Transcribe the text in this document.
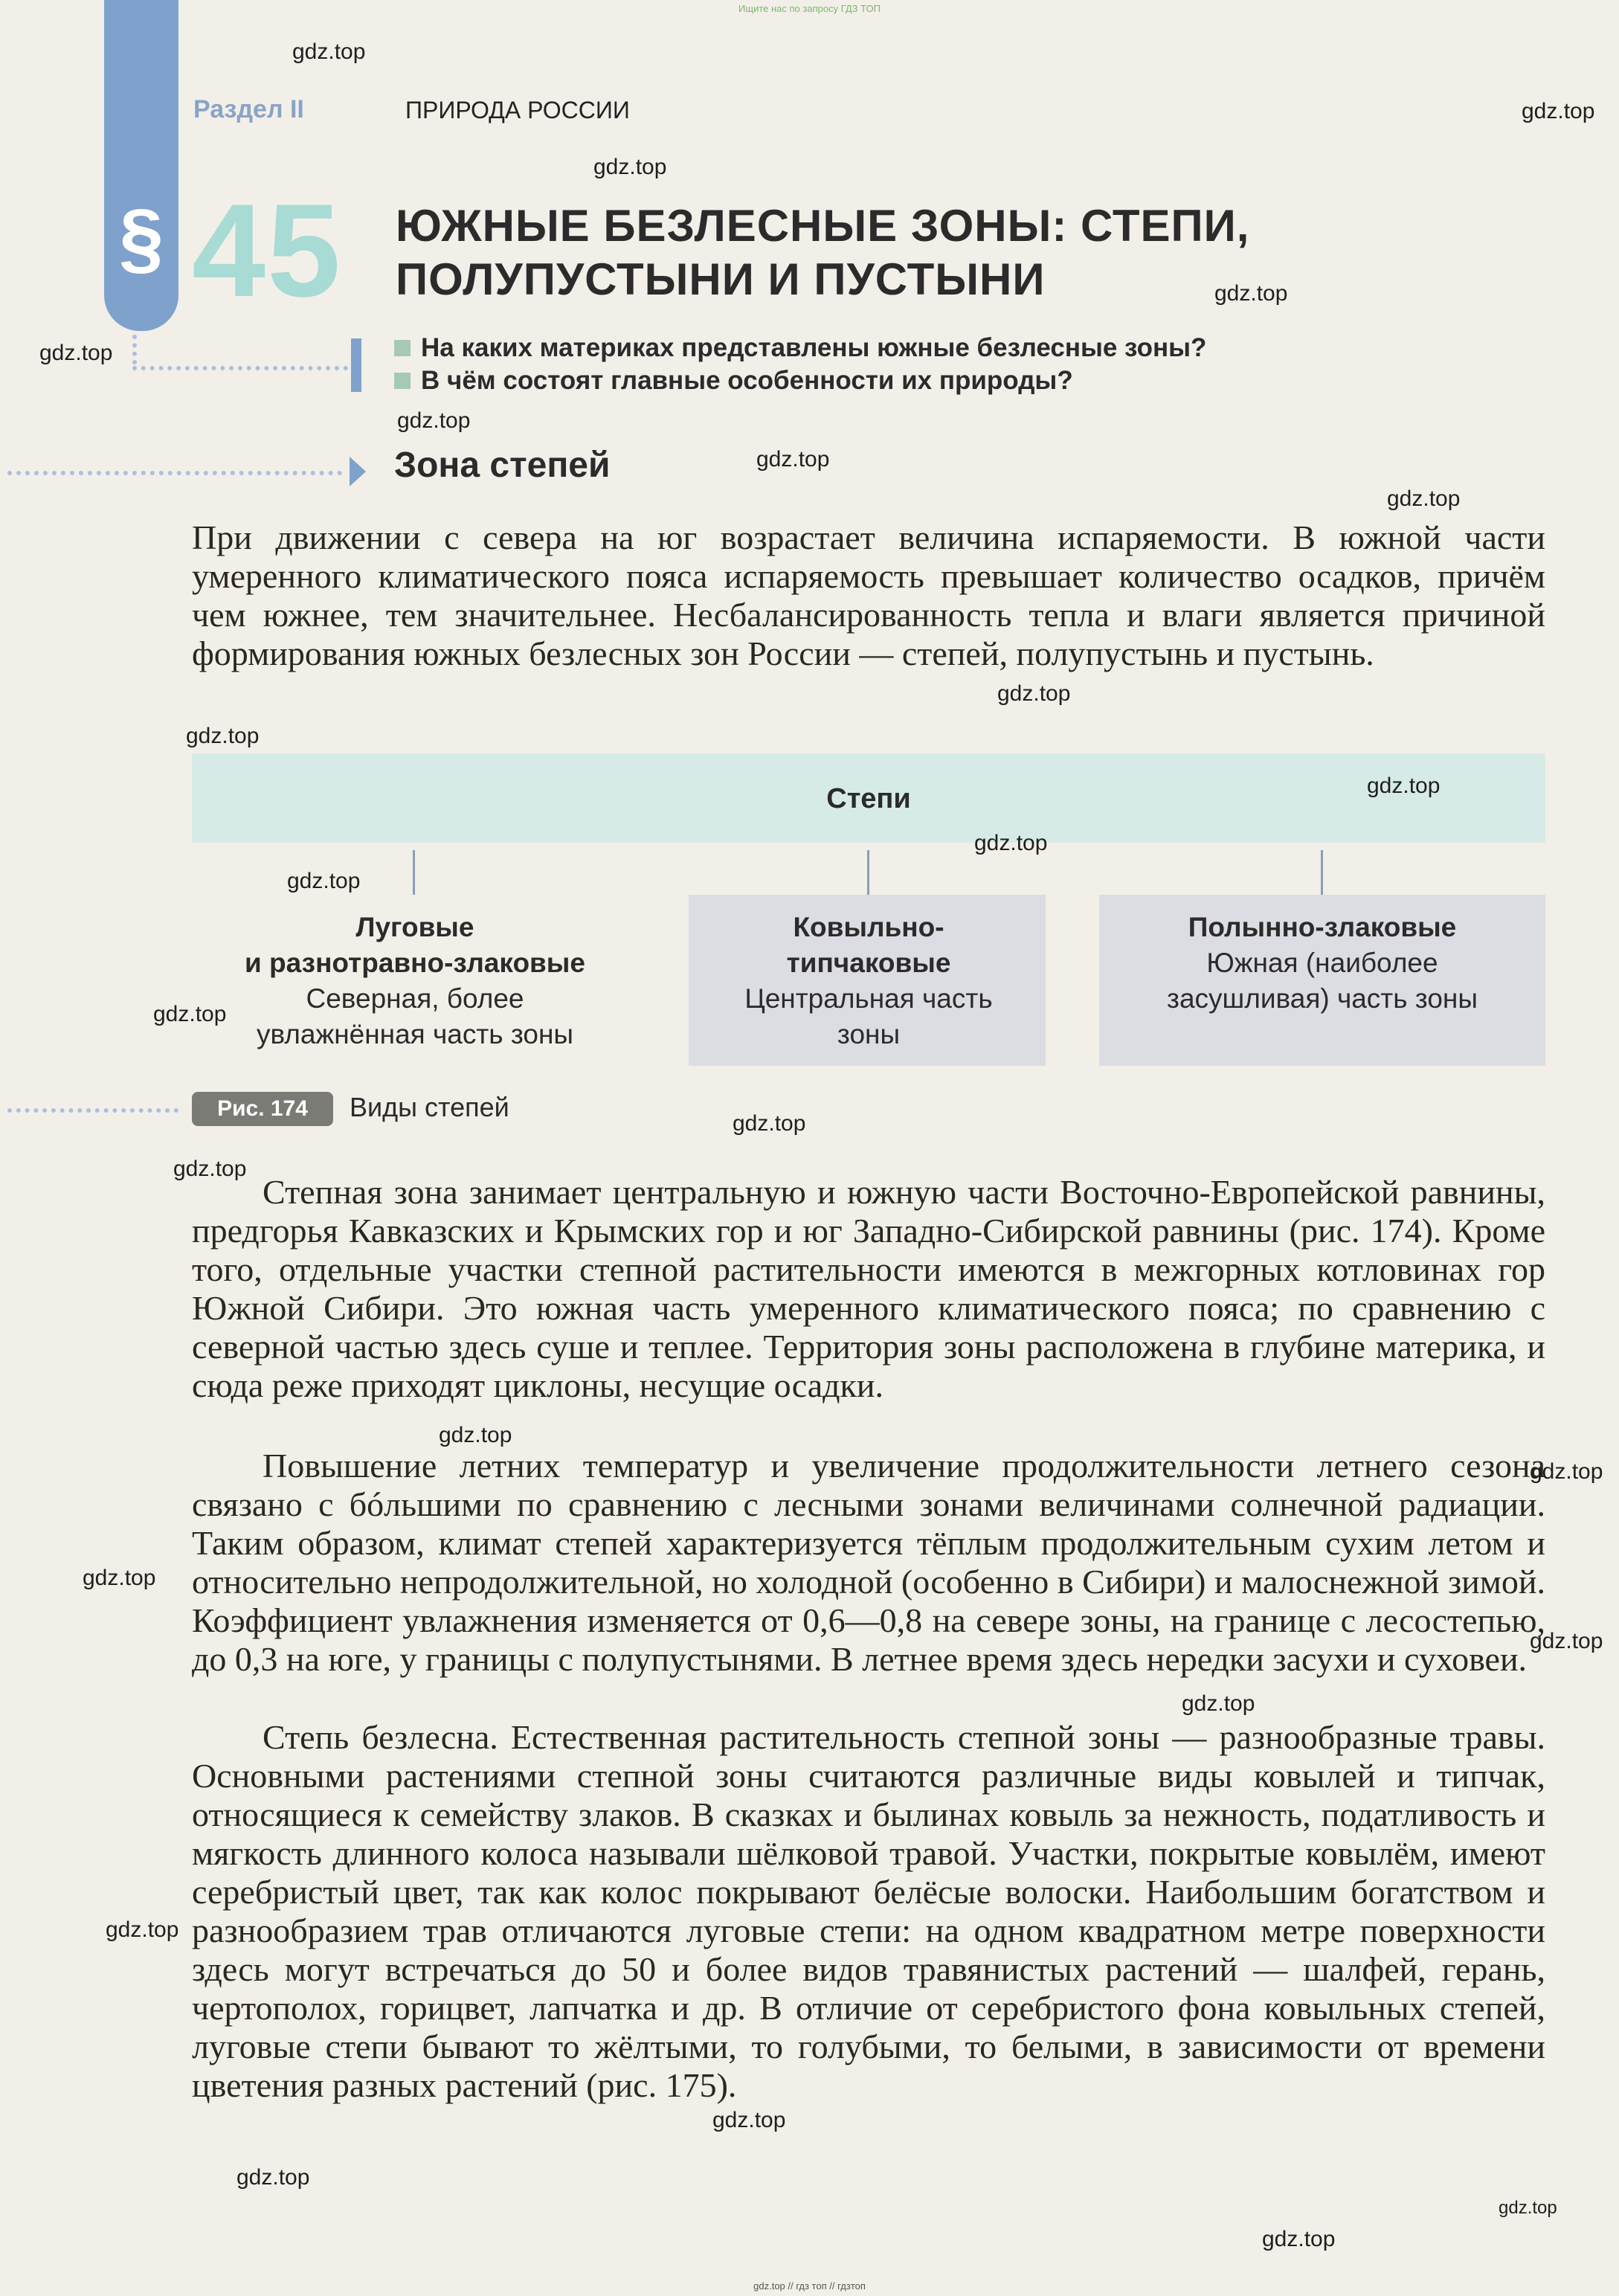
Ищите нас по запросу ГДЗ ТОП
§
Раздел II	ПРИРОДА РОССИИ
45 ЮЖНЫЕ БЕЗЛЕСНЫЕ ЗОНЫ: СТЕПИ,
ПОЛУПУСТЫНИ И ПУСТЫНИ
На каких материках представлены южные безлесные зоны?
В чём состоят главные особенности их природы?
Зона степей

При движении с севера на юг возрастает величина испаряемости. В южной части умеренного климатического пояса испаряемость превышает количество осадков, причём чем южнее, тем значительнее. Несбалансированность тепла и влаги является причиной формирования южных безлесных зон России — степей, полупустынь и пустынь.

Степи
Луговые
и разнотравно-злаковые
Северная, более
увлажнённая часть зоны
Ковыльно-
типчаковые
Центральная часть
зоны
Полынно-злаковые
Южная (наиболее
засушливая) часть зоны
Рис. 174	Виды степей

Степная зона занимает центральную и южную части Восточно-Европейской равнины, предгорья Кавказских и Крымских гор и юг Западно-Сибирской равнины (рис. 174). Кроме того, отдельные участки степной растительности имеются в межгорных котловинах гор Южной Сибири. Это южная часть умеренного климатического пояса; по сравнению с северной частью здесь суше и теплее. Территория зоны расположена в глубине материка, и сюда реже приходят циклоны, несущие осадки.

Повышение летних температур и увеличение продолжительности летнего сезона связано с бóльшими по сравнению с лесными зонами величинами солнечной радиации. Таким образом, климат степей характеризуется тёплым продолжительным сухим летом и относительно непродолжительной, но холодной (особенно в Сибири) и малоснежной зимой. Коэффициент увлажнения изменяется от 0,6—0,8 на севере зоны, на границе с лесостепью, до 0,3 на юге, у границы с полупустынями. В летнее время здесь нередки засухи и суховеи.

Степь безлесна. Естественная растительность степной зоны — разнообразные травы. Основными растениями степной зоны считаются различные виды ковылей и типчак, относящиеся к семейству злаков. В сказках и былинах ковыль за нежность, податливость и мягкость длинного колоса называли шёлковой травой. Участки, покрытые ковылём, имеют серебристый цвет, так как колос покрывают белёсые волоски. Наибольшим богатством и разнообразием трав отличаются луговые степи: на одном квадратном метре поверхности здесь могут встречаться до 50 и более видов травянистых растений — шалфей, герань, чертополох, горицвет, лапчатка и др. В отличие от серебристого фона ковыльных степей, луговые степи бывают то жёлтыми, то голубыми, то белыми, в зависимости от времени цветения разных растений (рис. 175).

gdz.top
gdz.top
gdz.top
gdz.top
gdz.top
gdz.top
gdz.top
gdz.top
gdz.top
gdz.top
gdz.top
gdz.top
gdz.top
gdz.top
gdz.top
gdz.top
gdz.top
gdz.top
gdz.top
gdz.top
gdz.top
gdz.top
gdz.top
gdz.top
gdz.top
gdz.top
gdz.top // гдз топ // гдзтоп
